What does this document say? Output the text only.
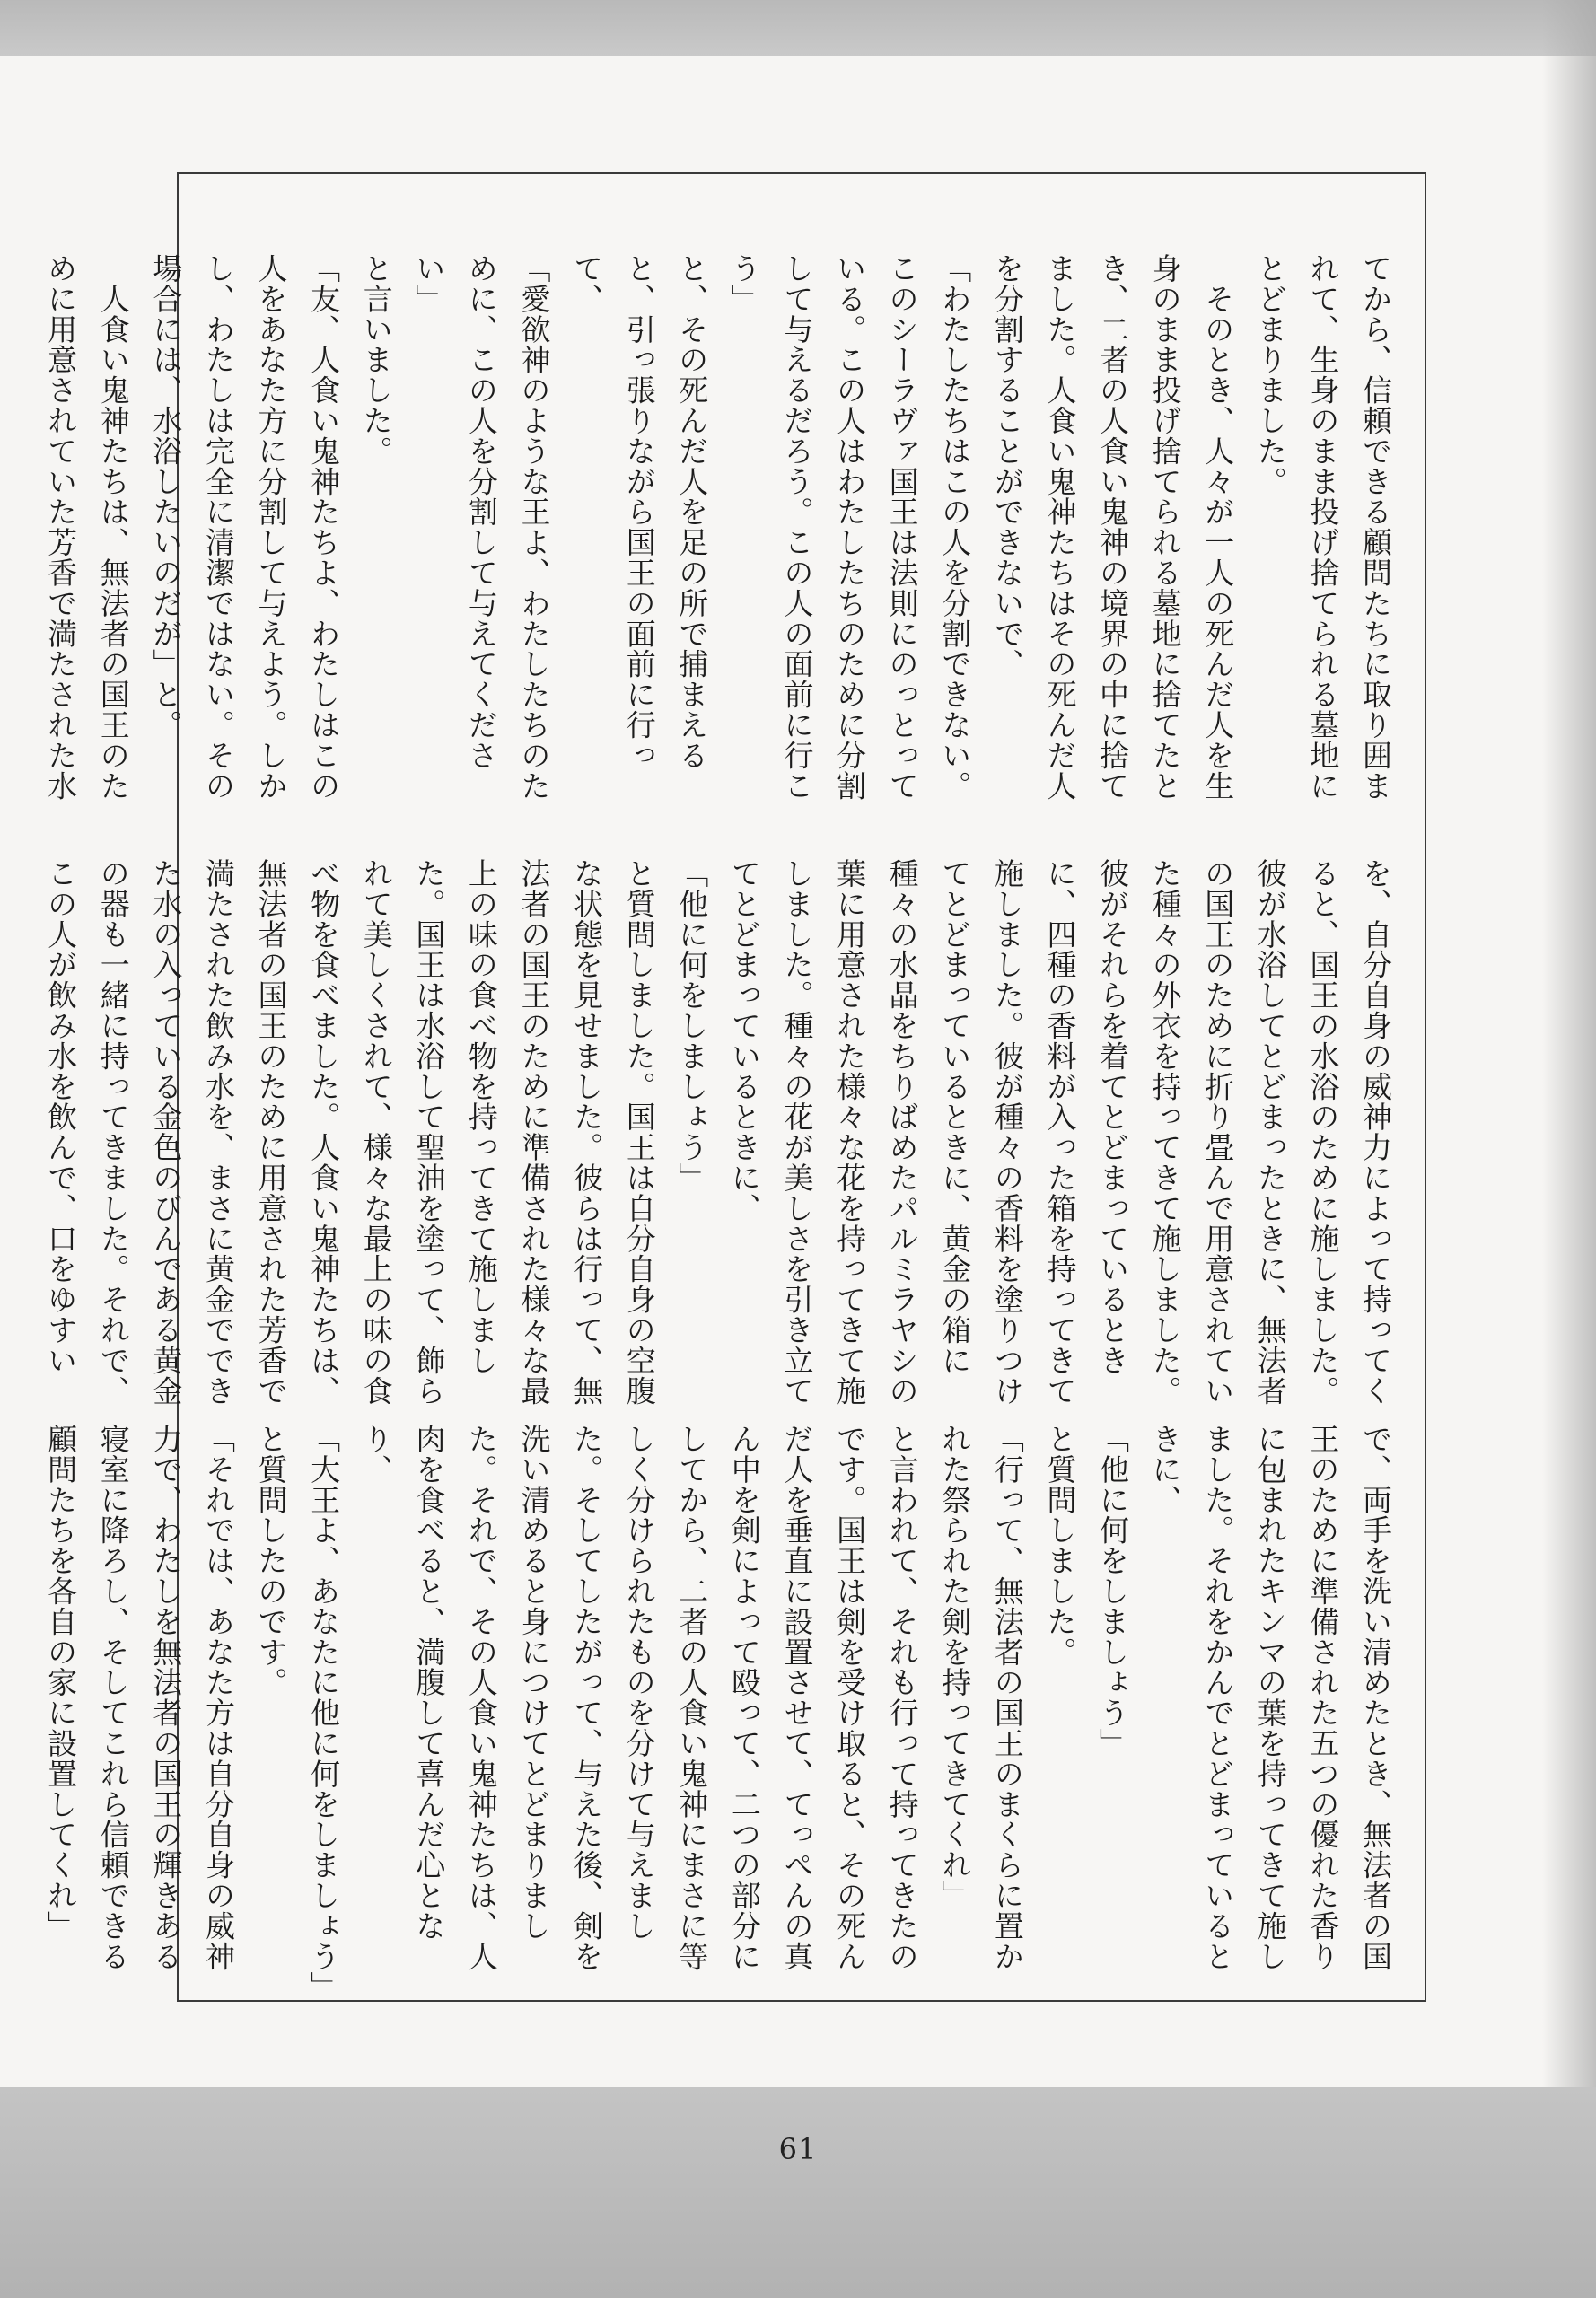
てから、信頼できる顧問たちに取り囲ま
れて、生身のまま投げ捨てられる墓地に
とどまりました。
　そのとき、人々が一人の死んだ人を生
身のまま投げ捨てられる墓地に捨てたと
き、二者の人食い鬼神の境界の中に捨て
ました。人食い鬼神たちはその死んだ人
を分割することができないで、
「わたしたちはこの人を分割できない。
このシーラヴァ国王は法則にのっとって
いる。この人はわたしたちのために分割
して与えるだろう。この人の面前に行こ
う」
と、その死んだ人を足の所で捕まえる
と、引っ張りながら国王の面前に行っ
て、
「愛欲神のような王よ、わたしたちのた
めに、この人を分割して与えてくださ
い」
と言いました。
「友、人食い鬼神たちよ、わたしはこの
人をあなた方に分割して与えよう。しか
し、わたしは完全に清潔ではない。その
場合には、水浴したいのだが」と。
　人食い鬼神たちは、無法者の国王のた
めに用意されていた芳香で満たされた水

を、自分自身の威神力によって持ってく
ると、国王の水浴のために施しました。
彼が水浴してとどまったときに、無法者
の国王のために折り畳んで用意されてい
た種々の外衣を持ってきて施しました。
彼がそれらを着てとどまっているとき
に、四種の香料が入った箱を持ってきて
施しました。彼が種々の香料を塗りつけ
てとどまっているときに、黄金の箱に
種々の水晶をちりばめたパルミラヤシの
葉に用意された様々な花を持ってきて施
しました。種々の花が美しさを引き立て
てとどまっているときに、
「他に何をしましょう」
と質問しました。国王は自分自身の空腹
な状態を見せました。彼らは行って、無
法者の国王のために準備された様々な最
上の味の食べ物を持ってきて施しまし
た。国王は水浴して聖油を塗って、飾ら
れて美しくされて、様々な最上の味の食
べ物を食べました。人食い鬼神たちは、
無法者の国王のために用意された芳香で
満たされた飲み水を、まさに黄金ででき
た水の入っている金色のびんである黄金
の器も一緒に持ってきました。それで、
この人が飲み水を飲んで、口をゆすい

で、両手を洗い清めたとき、無法者の国
王のために準備された五つの優れた香り
に包まれたキンマの葉を持ってきて施し
ました。それをかんでとどまっていると
きに、
「他に何をしましょう」
と質問しました。
「行って、無法者の国王のまくらに置か
れた祭られた剣を持ってきてくれ」
と言われて、それも行って持ってきたの
です。国王は剣を受け取ると、その死ん
だ人を垂直に設置させて、てっぺんの真
ん中を剣によって殴って、二つの部分に
してから、二者の人食い鬼神にまさに等
しく分けられたものを分けて与えまし
た。そしてしたがって、与えた後、剣を
洗い清めると身につけてとどまりまし
た。それで、その人食い鬼神たちは、人
肉を食べると、満腹して喜んだ心とな
り、
「大王よ、あなたに他に何をしましょう」
と質問したのです。
「それでは、あなた方は自分自身の威神
力で、わたしを無法者の国王の輝きある
寝室に降ろし、そしてこれら信頼できる
顧問たちを各自の家に設置してくれ」

61
